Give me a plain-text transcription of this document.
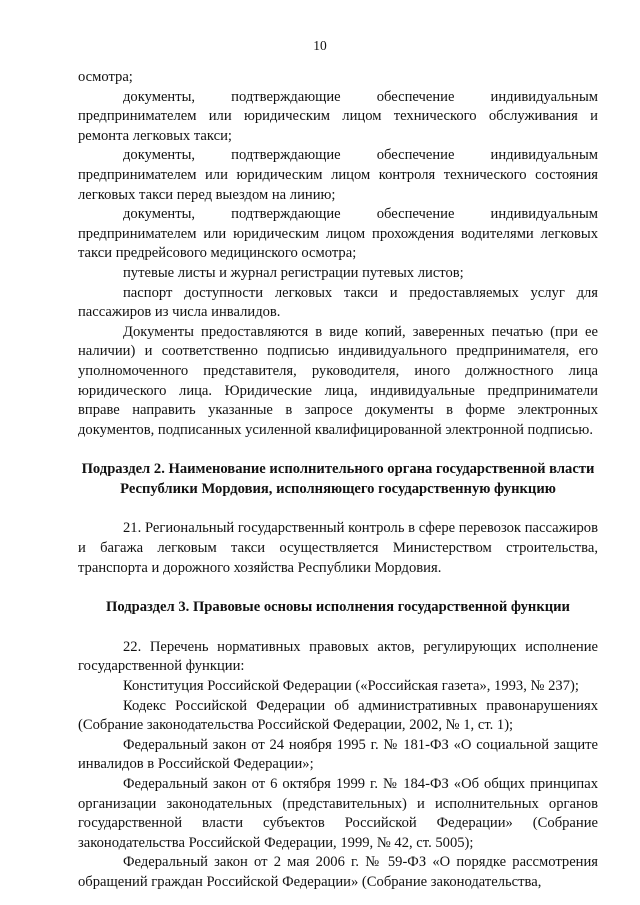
10

осмотра;

документы, подтверждающие обеспечение индивидуальным предпринимателем или юридическим лицом технического обслуживания и ремонта легковых такси;

документы, подтверждающие обеспечение индивидуальным предпринимателем или юридическим лицом контроля технического состояния легковых такси перед выездом на линию;

документы, подтверждающие обеспечение индивидуальным предпринимателем или юридическим лицом прохождения водителями легковых такси предрейсового медицинского осмотра;

путевые листы и журнал регистрации путевых листов;

паспорт доступности легковых такси и предоставляемых услуг для пассажиров из числа инвалидов.

Документы предоставляются в виде копий, заверенных печатью (при ее наличии) и соответственно подписью индивидуального предпринимателя, его уполномоченного представителя, руководителя, иного должностного лица юридического лица. Юридические лица, индивидуальные предприниматели вправе направить указанные в запросе документы в форме электронных документов, подписанных усиленной квалифицированной электронной подписью.

Подраздел 2. Наименование исполнительного органа государственной власти Республики Мордовия, исполняющего государственную функцию

21. Региональный государственный контроль в сфере перевозок пассажиров и багажа легковым такси осуществляется Министерством строительства, транспорта и дорожного хозяйства Республики Мордовия.

Подраздел 3. Правовые основы исполнения государственной функции

22. Перечень нормативных правовых актов, регулирующих исполнение государственной функции:

Конституция Российской Федерации («Российская газета», 1993, № 237);

Кодекс Российской Федерации об административных правонарушениях (Собрание законодательства Российской Федерации, 2002, № 1, ст. 1);

Федеральный закон от 24 ноября 1995 г. № 181-ФЗ «О социальной защите инвалидов в Российской Федерации»;

Федеральный закон от 6 октября 1999 г. № 184-ФЗ «Об общих принципах организации законодательных (представительных) и исполнительных органов государственной власти субъектов Российской Федерации» (Собрание законодательства Российской Федерации, 1999, № 42, ст. 5005);

Федеральный закон от 2 мая 2006 г. № 59-ФЗ «О порядке рассмотрения обращений граждан Российской Федерации» (Собрание законодательства,
